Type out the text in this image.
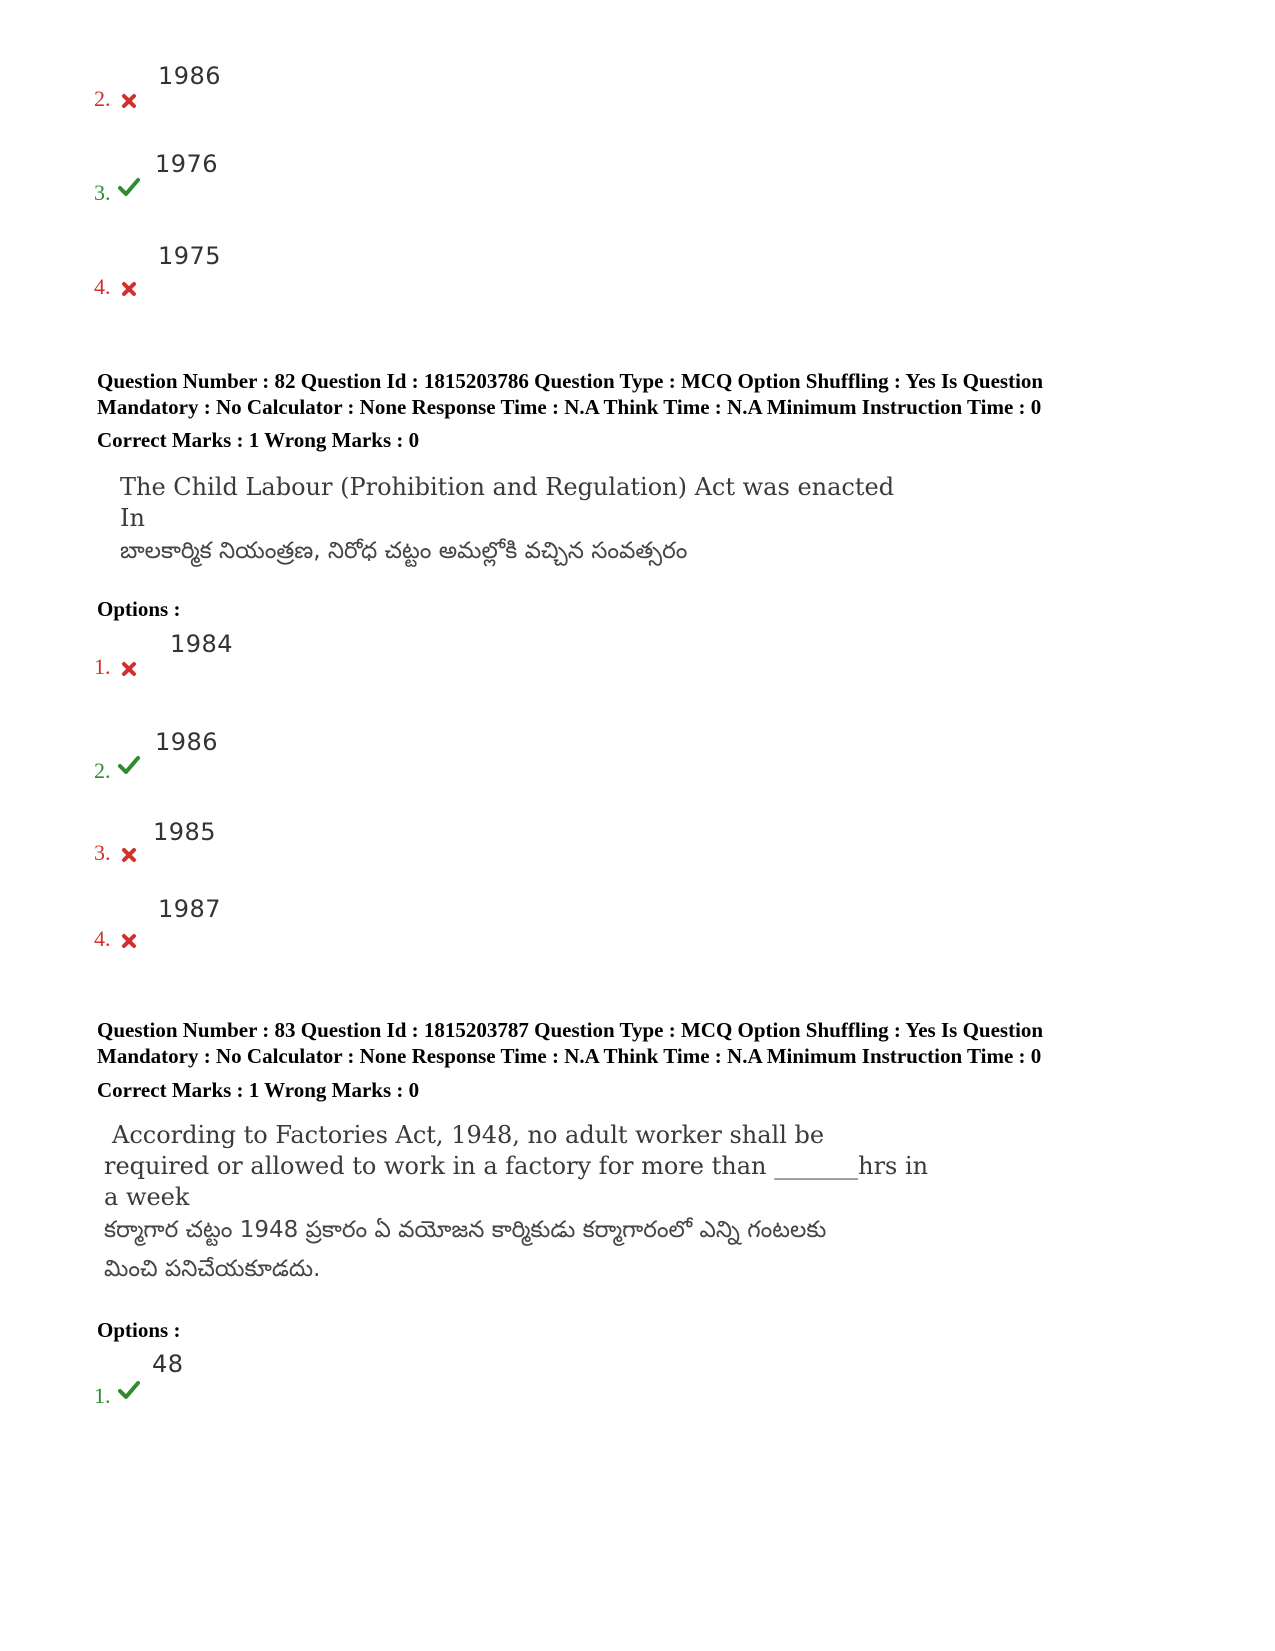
1986
2.
1976
3.
1975
4.
Question Number : 82 Question Id : 1815203786 Question Type : MCQ Option Shuffling : Yes Is Question
Mandatory : No Calculator : None Response Time : N.A Think Time : N.A Minimum Instruction Time : 0
Correct Marks : 1 Wrong Marks : 0
The Child Labour (Prohibition and Regulation) Act was enacted
In
బాలకార్మిక నియంత్రణ, నిరోధ చట్టం అమల్లోకి వచ్చిన సంవత్సరం
Options :
1984
1.
1986
2.
1985
3.
1987
4.
Question Number : 83 Question Id : 1815203787 Question Type : MCQ Option Shuffling : Yes Is Question
Mandatory : No Calculator : None Response Time : N.A Think Time : N.A Minimum Instruction Time : 0
Correct Marks : 1 Wrong Marks : 0
According to Factories Act, 1948, no adult worker shall be
required or allowed to work in a factory for more than _______hrs in
a week
కర్మాగార చట్టం 1948 ప్రకారం ఏ వయోజన కార్మికుడు కర్మాగారంలో ఎన్ని గంటలకు
మించి పనిచేయకూడదు.
Options :
48
1.
